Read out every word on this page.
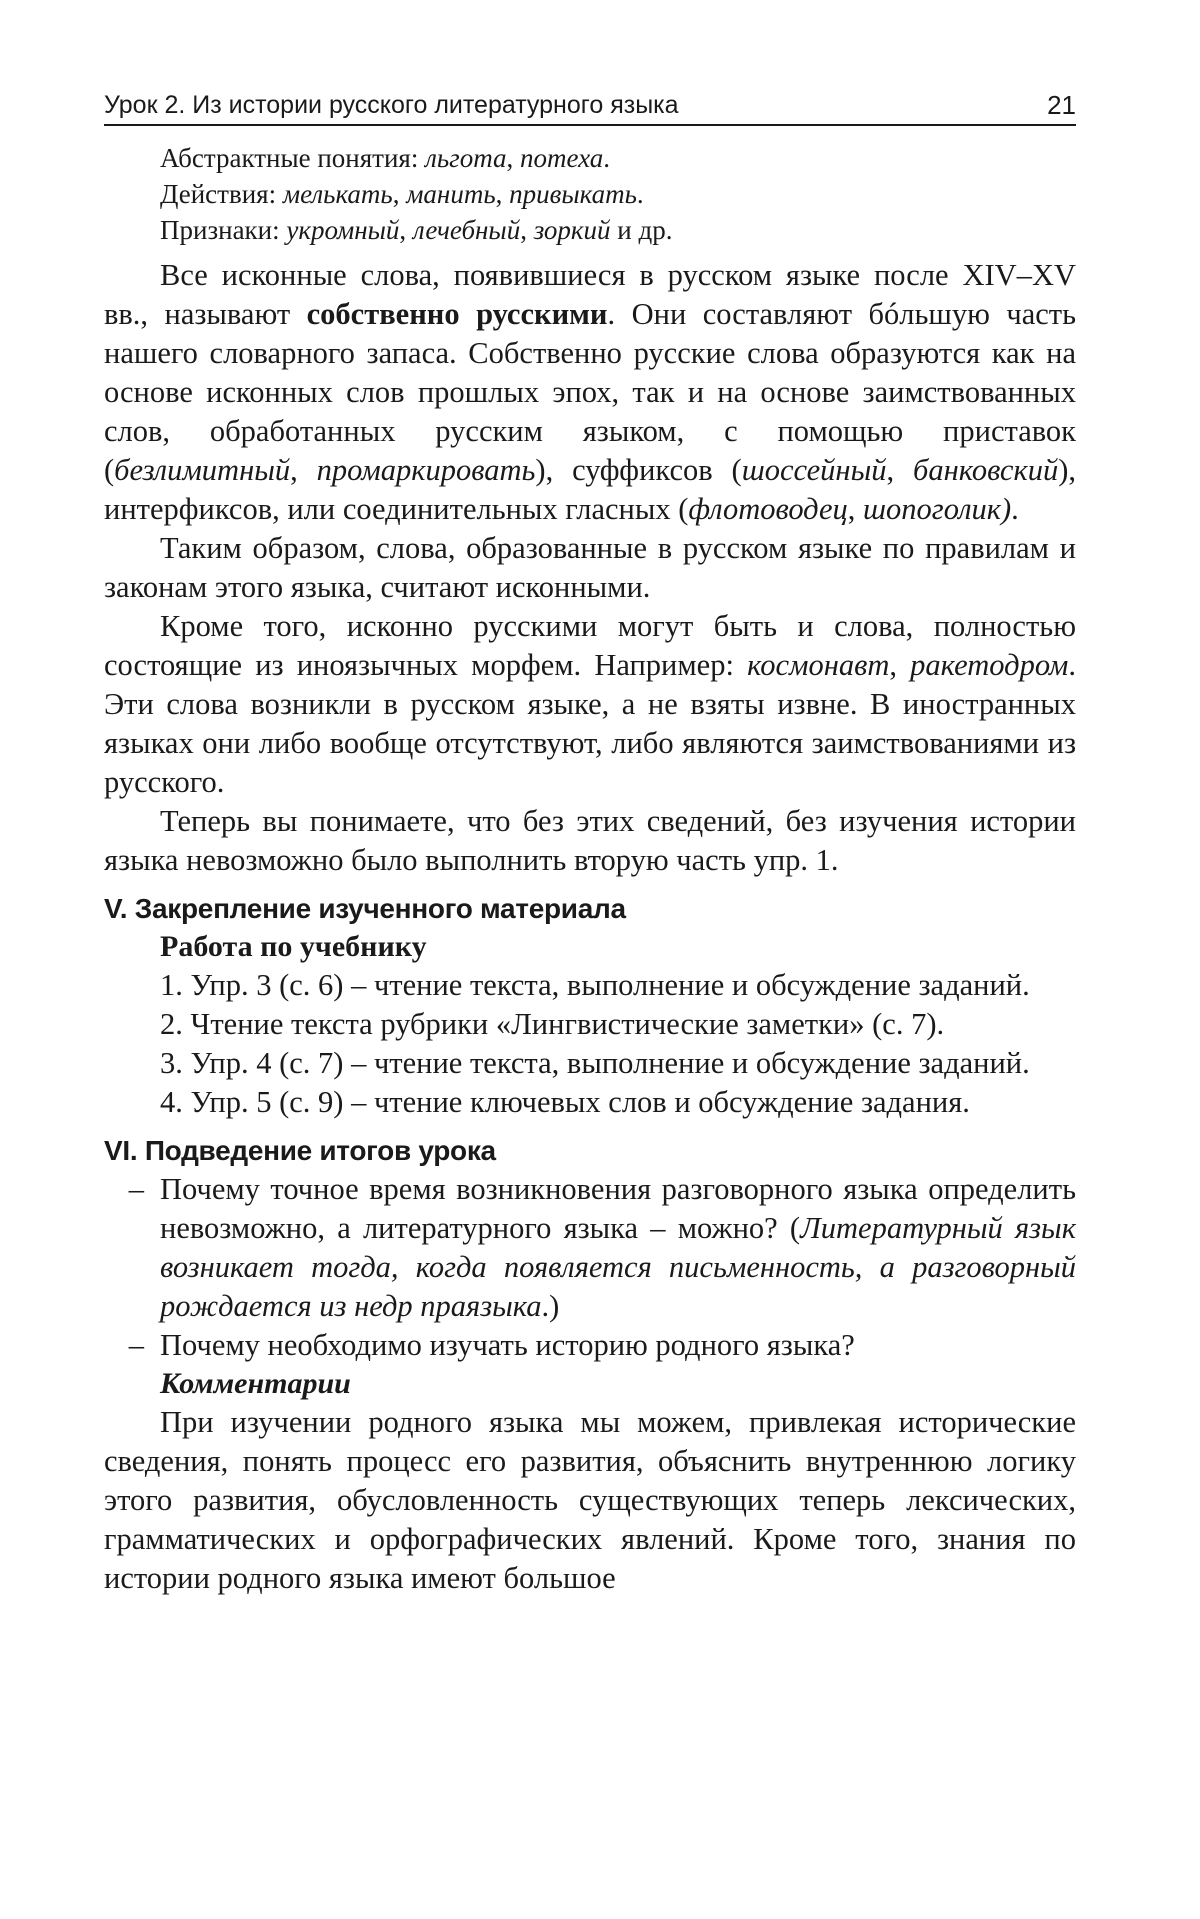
Урок 2. Из истории русского литературного языка	21

Абстрактные понятия: льгота, потеха.

Действия: мелькать, манить, привыкать.

Признаки: укромный, лечебный, зоркий и др.

Все исконные слова, появившиеся в русском языке после XIV–XV вв., называют собственно русскими. Они составляют бóльшую часть нашего словарного запаса. Собственно русские слова образуются как на основе исконных слов прошлых эпох, так и на основе заимствованных слов, обработанных русским языком, с помощью приставок (безлимитный, промаркировать), суффиксов (шоссейный, банковский), интерфиксов, или соединительных гласных (флотоводец, шопоголик).

Таким образом, слова, образованные в русском языке по правилам и законам этого языка, считают исконными.

Кроме того, исконно русскими могут быть и слова, полностью состоящие из иноязычных морфем. Например: космонавт, ракетодром. Эти слова возникли в русском языке, а не взяты извне. В иностранных языках они либо вообще отсутствуют, либо являются заимствованиями из русского.

Теперь вы понимаете, что без этих сведений, без изучения истории языка невозможно было выполнить вторую часть упр. 1.

V. Закрепление изученного материала
Работа по учебнику

1. Упр. 3 (с. 6) – чтение текста, выполнение и обсуждение заданий.

2. Чтение текста рубрики «Лингвистические заметки» (с. 7).

3. Упр. 4 (с. 7) – чтение текста, выполнение и обсуждение заданий.

4. Упр. 5 (с. 9) – чтение ключевых слов и обсуждение задания.

VI. Подведение итогов урока
– Почему точное время возникновения разговорного языка определить невозможно, а литературного языка – можно? (Литературный язык возникает тогда, когда появляется письменность, а разговорный рождается из недр праязыка.)
– Почему необходимо изучать историю родного языка?
Комментарии

При изучении родного языка мы можем, привлекая исторические сведения, понять процесс его развития, объяснить внутреннюю логику этого развития, обусловленность существующих теперь лексических, грамматических и орфографических явлений. Кроме того, знания по истории родного языка имеют большое
